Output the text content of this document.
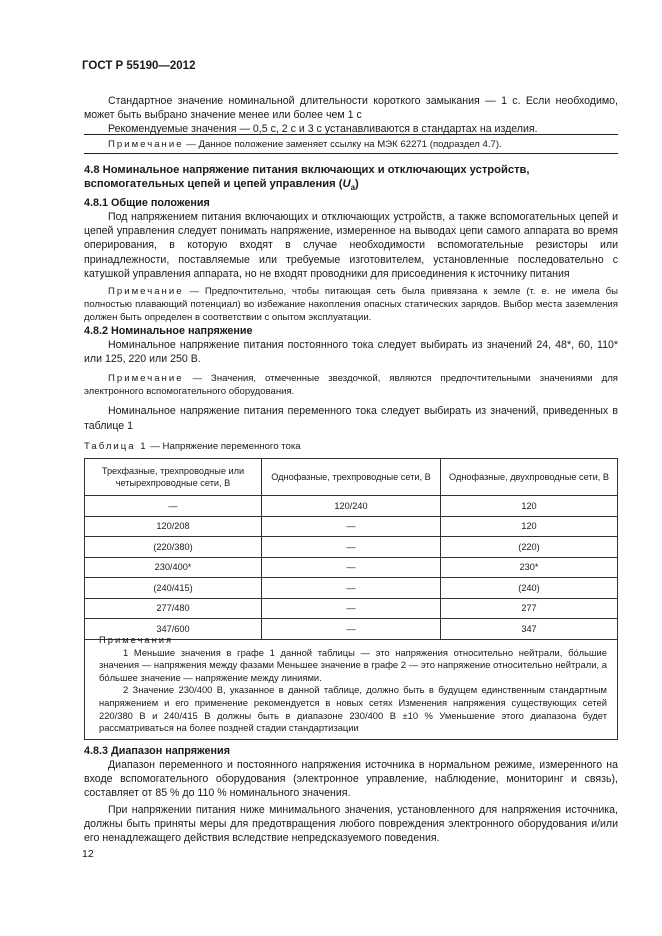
ГОСТ Р 55190—2012

Стандартное значение номинальной длительности короткого замыкания — 1 с. Если необходимо, может быть выбрано значение менее или более чем 1 с

Рекомендуемые значения — 0,5 с, 2 с и 3 с устанавливаются в стандартах на изделия.

Примечание — Данное положение заменяет ссылку на МЭК 62271 (подраздел 4.7).

4.8 Номинальное напряжение питания включающих и отключающих устройств,
вспомогательных цепей и цепей управления $(U_a)$
4.8.1 Общие положения

Под напряжением питания включающих и отключающих устройств, а также вспомогательных цепей и цепей управления следует понимать напряжение, измеренное на выводах цепи самого аппарата во время оперирования, в которую входят в случае необходимости вспомогательные резисторы или принадлежности, поставляемые или требуемые изготовителем, установленные последовательно с катушкой управления аппарата, но не входят проводники для присоединения к источнику питания

Примечание — Предпочтительно, чтобы питающая сеть была привязана к земле (т. е. не имела бы полностью плавающий потенциал) во избежание накопления опасных статических зарядов. Выбор места заземления должен быть определен в соответствии с опытом эксплуатации.

4.8.2 Номинальное напряжение

Номинальное напряжение питания постоянного тока следует выбирать из значений 24, 48*, 60, 110* или 125, 220 или 250 В.

Примечание — Значения, отмеченные звездочкой, являются предпочтительными значениями для электронного вспомогательного оборудования.

Номинальное напряжение питания переменного тока следует выбирать из значений, приведенных в таблице 1

Таблица 1 — Напряжение переменного тока

Трехфазные, трехпроводные или четырехпроводные сети, В	Однофазные, трехпроводные сети, В	Однофазные, двухпроводные сети, В
—	120/240	120
120/208	—	120
(220/380)	—	(220)
230/400*	—	230*
(240/415)	—	(240)
277/480	—	277
347/600	—	347

Примечания

1 Меньшие значения в графе 1 данной таблицы — это напряжения относительно нейтрали, бо́льшие значения — напряжения между фазами Меньшее значение в графе 2 — это напряжение относительно нейтрали, а бо́льшее значение — напряжение между линиями.

2 Значение 230/400 В, указанное в данной таблице, должно быть в будущем единственным стандартным напряжением и его применение рекомендуется в новых сетях Изменения напряжения существующих сетей 220/380 В и 240/415 В должны быть в диапазоне 230/400 В ±10 % Уменьшение этого диапазона будет рассматриваться на более поздней стадии стандартизации

4.8.3 Диапазон напряжения

Диапазон переменного и постоянного напряжения источника в нормальном режиме, измеренного на входе вспомогательного оборудования (электронное управление, наблюдение, мониторинг и связь), составляет от 85 % до 110 % номинального значения.

При напряжении питания ниже минимального значения, установленного для напряжения источника, должны быть приняты меры для предотвращения любого повреждения электронного оборудования и/или его ненадлежащего действия вследствие непредсказуемого поведения.

12
